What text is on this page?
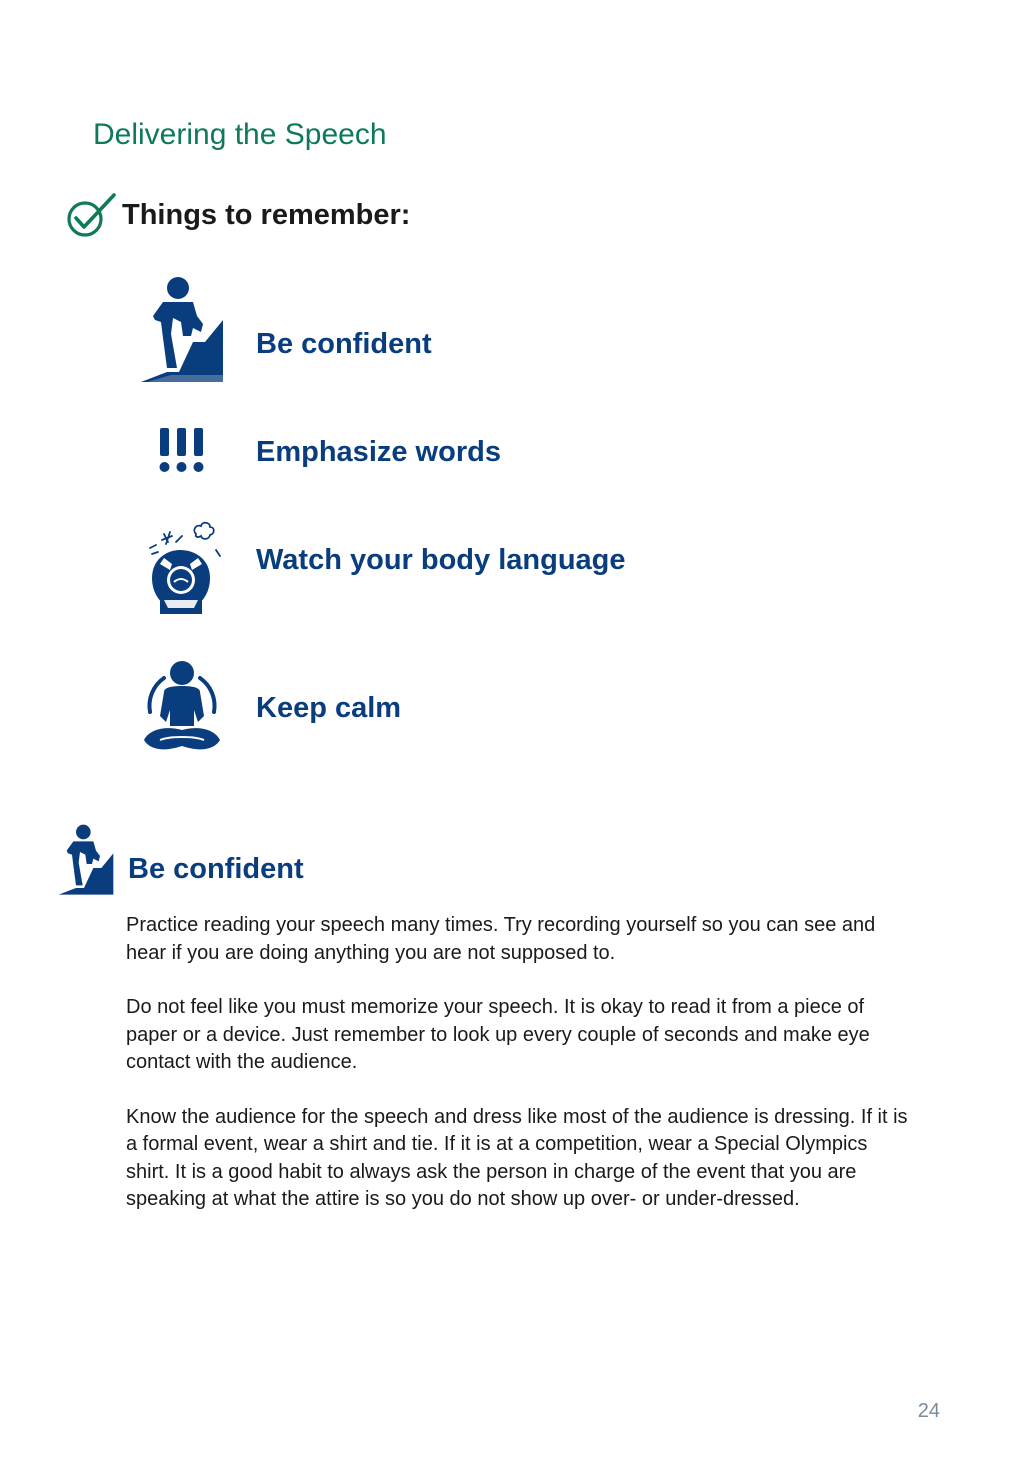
Delivering the Speech
Things to remember:
Be confident
Emphasize words
Watch your body language
Keep calm
Be confident

Practice reading your speech many times. Try recording yourself so you can see and hear if you are doing anything you are not supposed to.

Do not feel like you must memorize your speech. It is okay to read it from a piece of paper or a device. Just remember to look up every couple of seconds and make eye contact with the audience.

Know the audience for the speech and dress like most of the audience is dressing. If it is a formal event, wear a shirt and tie. If it is at a competition, wear a Special Olympics shirt. It is a good habit to always ask the person in charge of the event that you are speaking at what the attire is so you do not show up over- or under-dressed.

24
